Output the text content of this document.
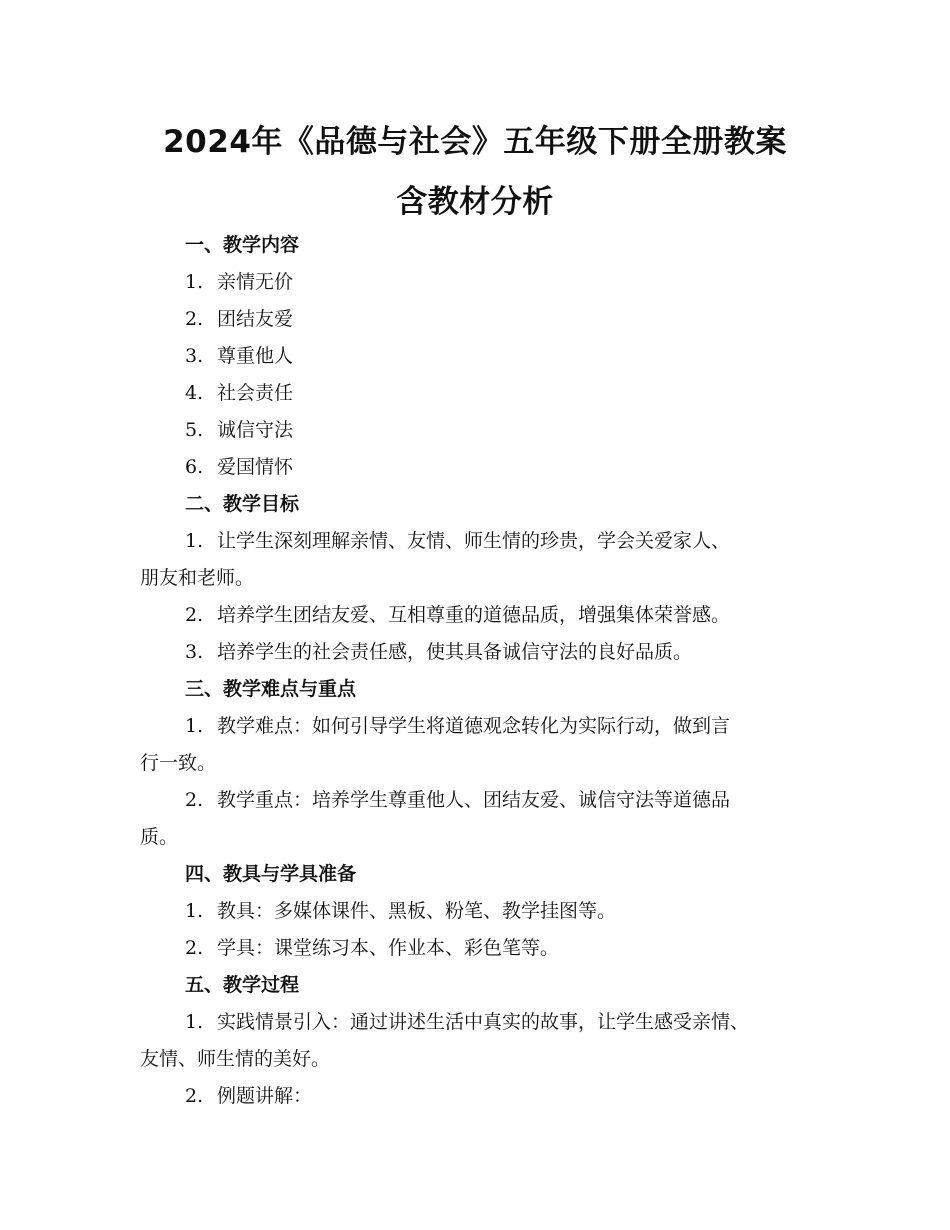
2024年《品德与社会》五年级下册全册教案
含教材分析

一、教学内容

1. 亲情无价

2. 团结友爱

3. 尊重他人

4. 社会责任

5. 诚信守法

6. 爱国情怀

二、教学目标

1. 让学生深刻理解亲情、友情、师生情的珍贵，学会关爱家人、

朋友和老师。

2. 培养学生团结友爱、互相尊重的道德品质，增强集体荣誉感。

3. 培养学生的社会责任感，使其具备诚信守法的良好品质。

三、教学难点与重点

1. 教学难点：如何引导学生将道德观念转化为实际行动，做到言

行一致。

2. 教学重点：培养学生尊重他人、团结友爱、诚信守法等道德品

质。

四、教具与学具准备

1. 教具：多媒体课件、黑板、粉笔、教学挂图等。

2. 学具：课堂练习本、作业本、彩色笔等。

五、教学过程

1. 实践情景引入：通过讲述生活中真实的故事，让学生感受亲情、

友情、师生情的美好。

2. 例题讲解：
